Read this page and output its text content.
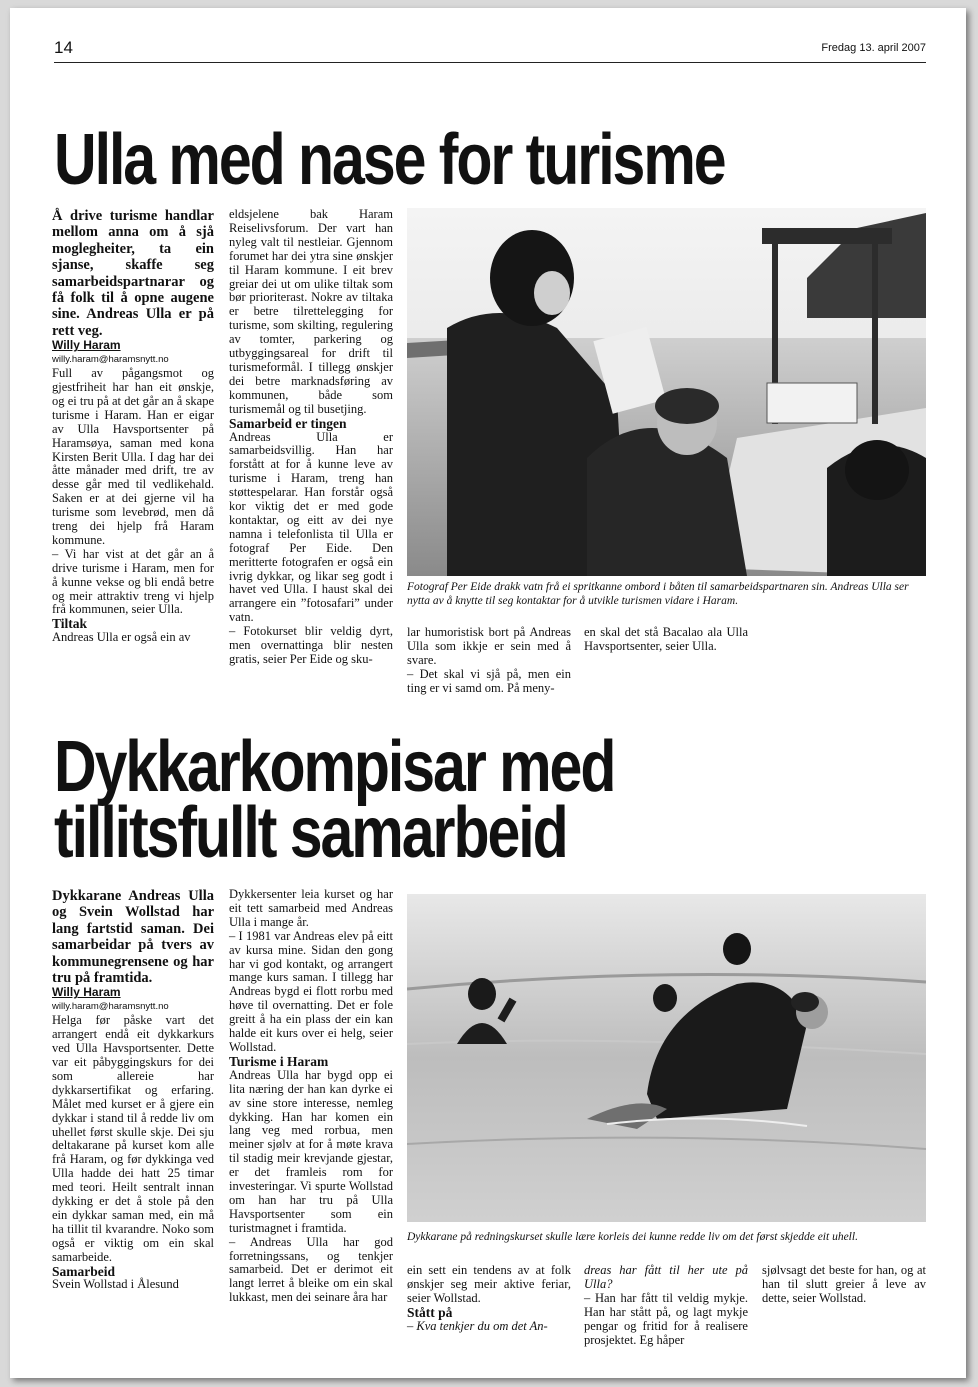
14	Fredag 13. april 2007
Ulla med nase for turisme

Å drive turisme handlar mellom anna om å sjå moglegheiter, ta ein sjanse, skaffe seg samarbeidspartnarar og få folk til å opne augene sine. Andreas Ulla er på rett veg.

Willy Haram

willy.haram@haramsnytt.no

Full av pågangsmot og gjestfriheit har han eit ønskje, og ei tru på at det går an å skape turisme i Haram. Han er eigar av Ulla Havsportsenter på Haramsøya, saman med kona Kirsten Berit Ulla. I dag har dei åtte månader med drift, tre av desse går med til vedlikehald. Saken er at dei gjerne vil ha turisme som levebrød, men då treng dei hjelp frå Haram kommune.

– Vi har vist at det går an å drive turisme i Haram, men for å kunne vekse og bli endå betre og meir attraktiv treng vi hjelp frå kommunen, seier Ulla.

Tiltak

Andreas Ulla er også ein av

eldsjelene bak Haram Reiselivsforum. Der vart han nyleg valt til nestleiar. Gjennom forumet har dei ytra sine ønskjer til Haram kommune. I eit brev greiar dei ut om ulike tiltak som bør prioriterast. Nokre av tiltaka er betre tilrettelegging for turisme, som skilting, regulering av tomter, parkering og utbyggingsareal for drift til turismeformål. I tillegg ønskjer dei betre marknadsføring av kommunen, både som turismemål og til busetjing.

Samarbeid er tingen

Andreas Ulla er samarbeidsvillig. Han har forstått at for å kunne leve av turisme i Haram, treng han støttespelarar. Han forstår også kor viktig det er med gode kontaktar, og eitt av dei nye namna i telefonlista til Ulla er fotograf Per Eide. Den meritterte fotografen er også ein ivrig dykkar, og likar seg godt i havet ved Ulla. I haust skal dei arrangere ein ”fotosafari” under vatn.

– Fotokurset blir veldig dyrt, men overnattinga blir nesten gratis, seier Per Eide og sku-

Fotograf Per Eide drakk vatn frå ei spritkanne ombord i båten til samarbeidspartnaren sin. Andreas Ulla ser nytta av å knytte til seg kontaktar for å utvikle turismen vidare i Haram.

lar humoristisk bort på Andreas Ulla som ikkje er sein med å svare.

– Det skal vi sjå på, men ein ting er vi samd om. På meny-

en skal det stå Bacalao ala Ulla Havsportsenter, seier Ulla.

Dykkarkompisar med
tillitsfullt samarbeid

Dykkarane Andreas Ulla og Svein Wollstad har lang fartstid saman. Dei samarbeidar på tvers av kommunegrensene og har tru på framtida.

Willy Haram

willy.haram@haramsnytt.no

Helga før påske vart det arrangert endå eit dykkarkurs ved Ulla Havsportsenter. Dette var eit påbyggingskurs for dei som allereie har dykkarsertifikat og erfaring. Målet med kurset er å gjere ein dykkar i stand til å redde liv om uhellet først skulle skje. Dei sju deltakarane på kurset kom alle frå Haram, og før dykkinga ved Ulla hadde dei hatt 25 timar med teori. Heilt sentralt innan dykking er det å stole på den ein dykkar saman med, ein må ha tillit til kvarandre. Noko som også er viktig om ein skal samarbeide.

Samarbeid

Svein Wollstad i Ålesund

Dykkersenter leia kurset og har eit tett samarbeid med Andreas Ulla i mange år.

– I 1981 var Andreas elev på eitt av kursa mine. Sidan den gong har vi god kontakt, og arrangert mange kurs saman. I tillegg har Andreas bygd ei flott rorbu med høve til overnatting. Det er fole greitt å ha ein plass der ein kan halde eit kurs over ei helg, seier Wollstad.

Turisme i Haram

Andreas Ulla har bygd opp ei lita næring der han kan dyrke ei av sine store interesse, nemleg dykking. Han har komen ein lang veg med rorbua, men meiner sjølv at for å møte krava til stadig meir krevjande gjestar, er det framleis rom for investeringar. Vi spurte Wollstad om han har tru på Ulla Havsportsenter som ein turistmagnet i framtida.

– Andreas Ulla har god forretningssans, og tenkjer samarbeid. Det er derimot eit langt lerret å bleike om ein skal lukkast, men dei seinare åra har

Dykkarane på redningskurset skulle lære korleis dei kunne redde liv om det først skjedde eit uhell.

ein sett ein tendens av at folk ønskjer seg meir aktive feriar, seier Wollstad.

Stått på

– Kva tenkjer du om det An-

dreas har fått til her ute på Ulla?

– Han har fått til veldig mykje. Han har stått på, og lagt mykje pengar og fritid for å realisere prosjektet. Eg håper

sjølvsagt det beste for han, og at han til slutt greier å leve av dette, seier Wollstad.
